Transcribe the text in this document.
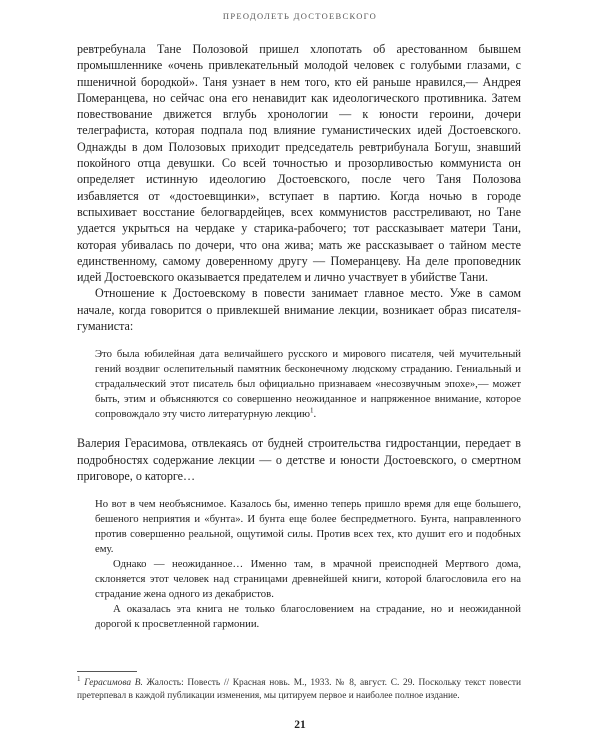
ПРЕОДОЛЕТЬ ДОСТОЕВСКОГО

ревтребунала Тане Полозовой пришел хлопотать об арестованном бывшем промышленнике «очень привлекательный молодой человек с голубыми глазами, с пшеничной бородкой». Таня узнает в нем того, кто ей раньше нравился,— Андрея Померанцева, но сейчас она его ненавидит как идеологического противника. Затем повествование движется вглубь хронологии — к юности героини, дочери телеграфиста, которая подпала под влияние гуманистических идей Достоевского. Однажды в дом Полозовых приходит председатель ревтрибунала Богуш, знавший покойного отца девушки. Со всей точностью и прозорливостью коммуниста он определяет истинную идеологию Достоевского, после чего Таня Полозова избавляется от «достоевщинки», вступает в партию. Когда ночью в городе вспыхивает восстание белогвардейцев, всех коммунистов расстреливают, но Тане удается укрыться на чердаке у старика-рабочего; тот рассказывает матери Тани, которая убивалась по дочери, что она жива; мать же рассказывает о тайном месте единственному, самому доверенному другу — Померанцеву. На деле проповедник идей Достоевского оказывается предателем и лично участвует в убийстве Тани.

Отношение к Достоевскому в повести занимает главное место. Уже в самом начале, когда говорится о привлекшей внимание лекции, возникает образ писателя-гуманиста:

Это была юбилейная дата величайшего русского и мирового писателя, чей мучительный гений воздвиг ослепительный памятник бесконечному людскому страданию. Гениальный и страдальческий этот писатель был официально признаваем «несозвучным эпохе»,— может быть, этим и объясняются со совершенно неожиданное и напряженное внимание, которое сопровождало эту чисто литературную лекцию$^1$.

Валерия Герасимова, отвлекаясь от будней строительства гидростанции, передает в подробностях содержание лекции — о детстве и юности Достоевского, о смертном приговоре, о каторге…

Но вот в чем необъяснимое. Казалось бы, именно теперь пришло время для еще большего, бешеного неприятия и «бунта». И бунта еще более беспредметного. Бунта, направленного против совершенно реальной, ощутимой силы. Против всех тех, кто душит его и подобных ему.

Однако — неожиданное… Именно там, в мрачной преисподней Мертвого дома, склоняется этот человек над страницами древнейшей книги, которой благословила его на страдание жена одного из декабристов.

А оказалась эта книга не только благословением на страдание, но и неожиданной дорогой к просветленной гармонии.

$^1$ Герасимова В. Жалость: Повесть // Красная новь. М., 1933. № 8, август. С. 29. Поскольку текст повести претерпевал в каждой публикации изменения, мы цитируем первое и наиболее полное издание.
21
